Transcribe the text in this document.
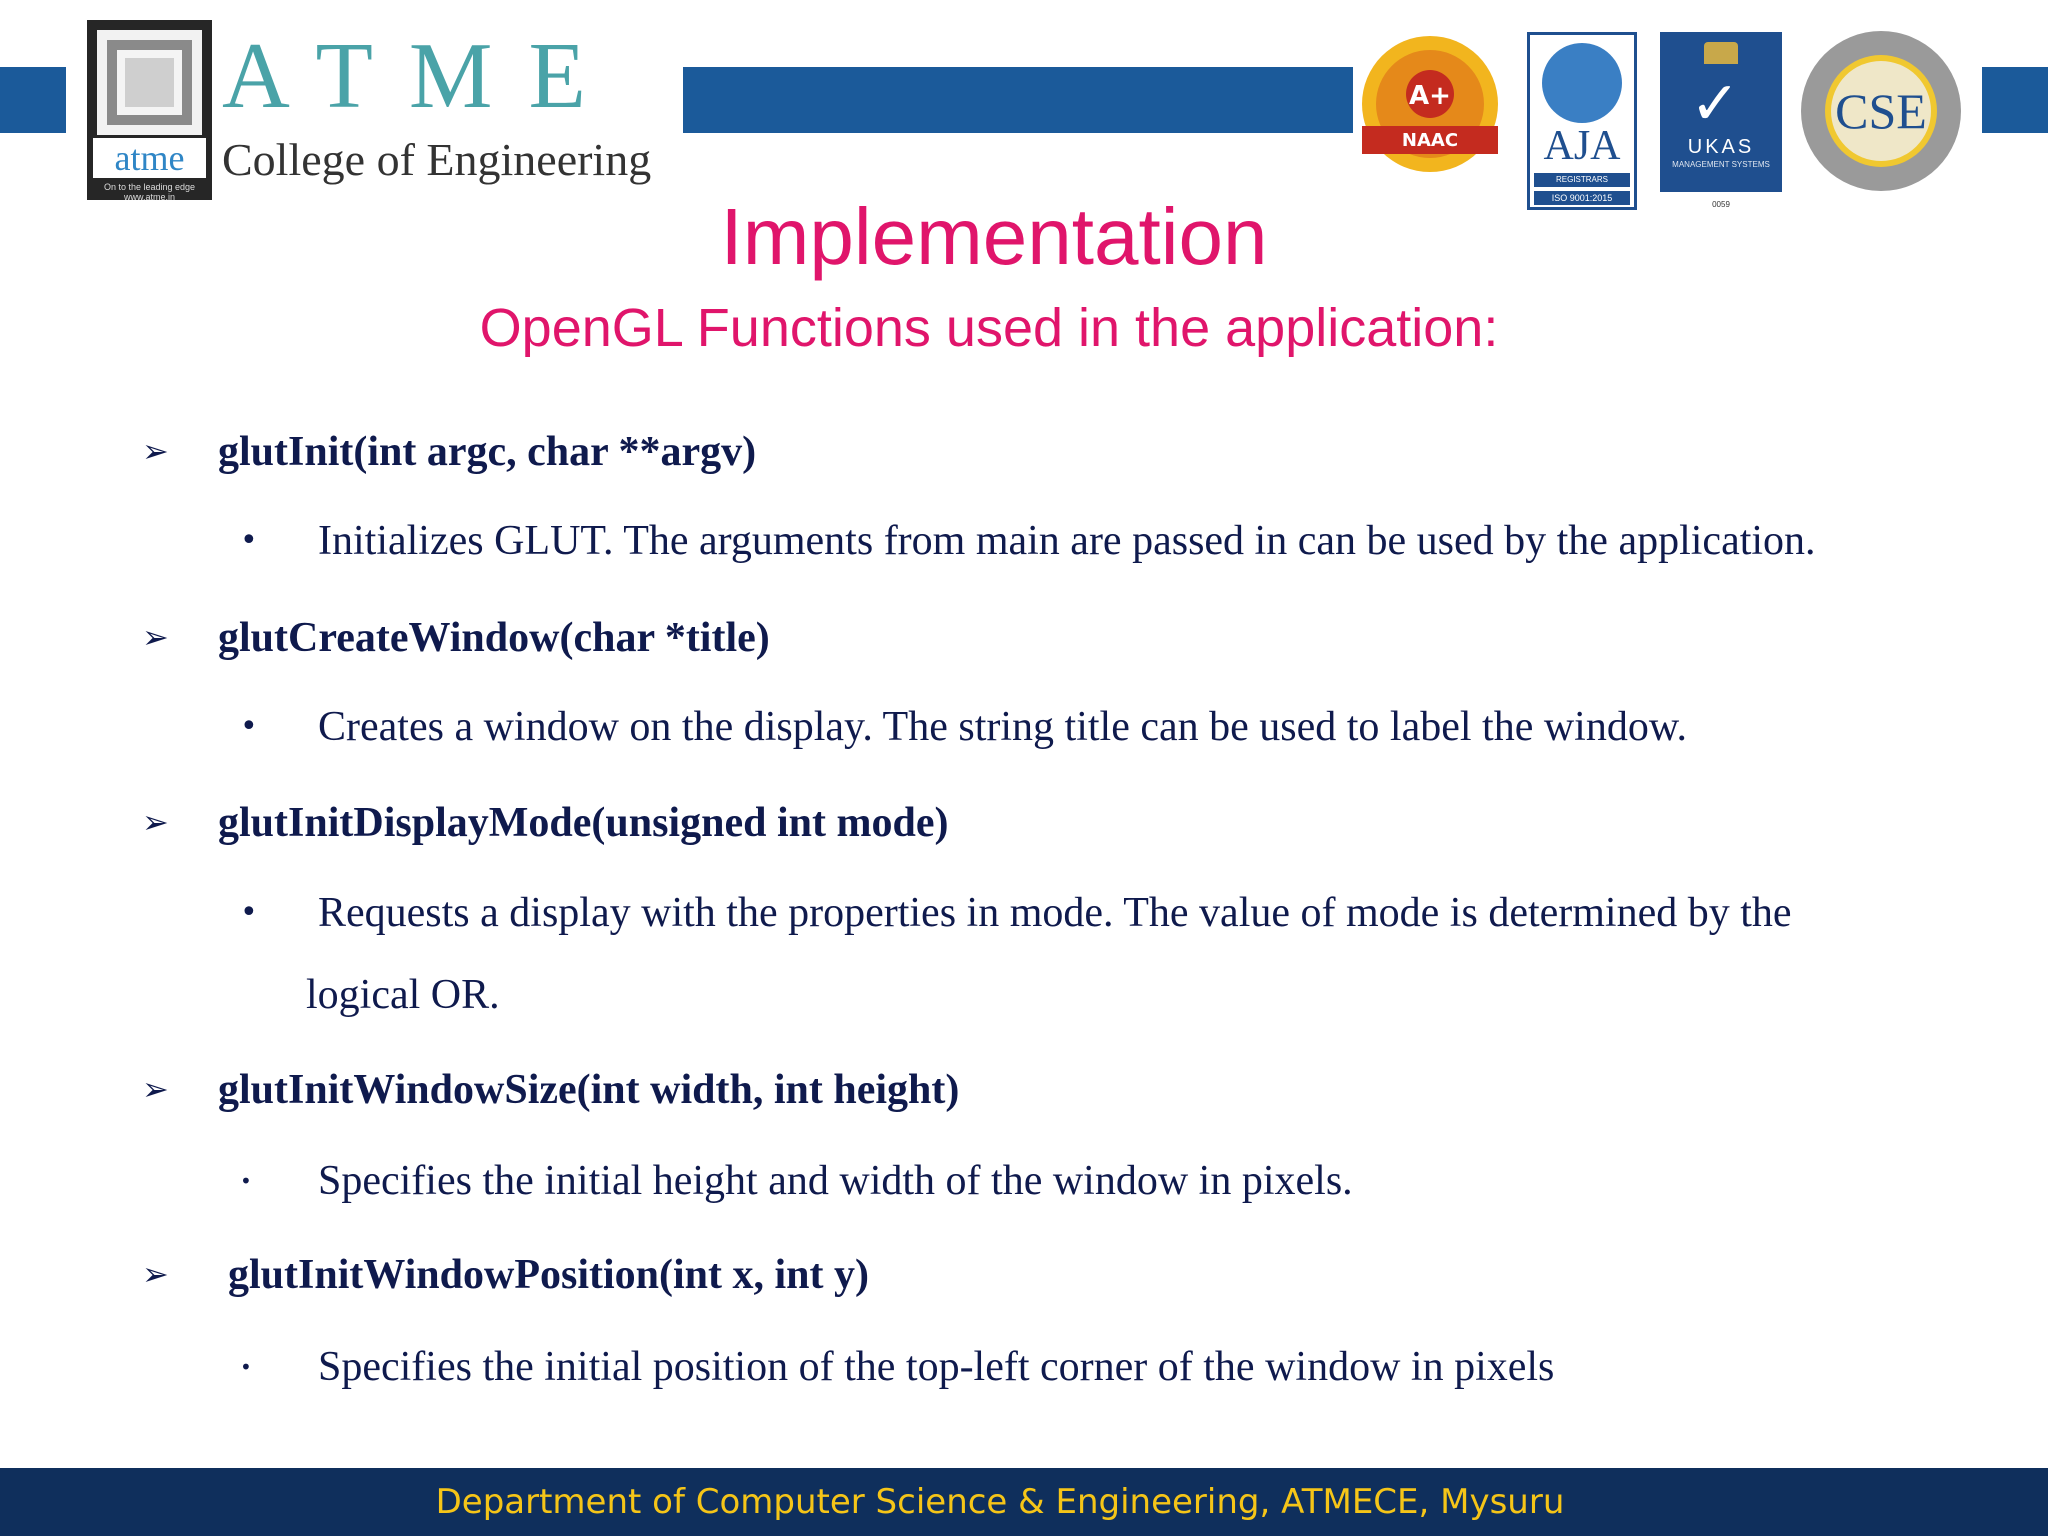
atme
On to the leading edge
www.atme.in
ATME
College of Engineering
A+
NAAC	AJA
REGISTRARS
ISO 9001:2015
✓
UKAS
MANAGEMENT SYSTEMS
0059
CSE
Implementation
OpenGL Functions used in the application:
➢ glutInit(int argc, char **argv)
• Initializes GLUT. The arguments from main are passed in can be used by the application.
➢ glutCreateWindow(char *title)
• Creates a window on the display. The string title can be used to label the window.
➢ glutInitDisplayMode(unsigned int mode)
• Requests a display with the properties in mode. The value of mode is determined by the
logical OR.
➢ glutInitWindowSize(int width, int height)
• Specifies the initial height and width of the window in pixels.
➢ glutInitWindowPosition(int x, int y)
• Specifies the initial position of the top-left corner of the window in pixels
Department of Computer Science & Engineering, ATMECE, Mysuru
